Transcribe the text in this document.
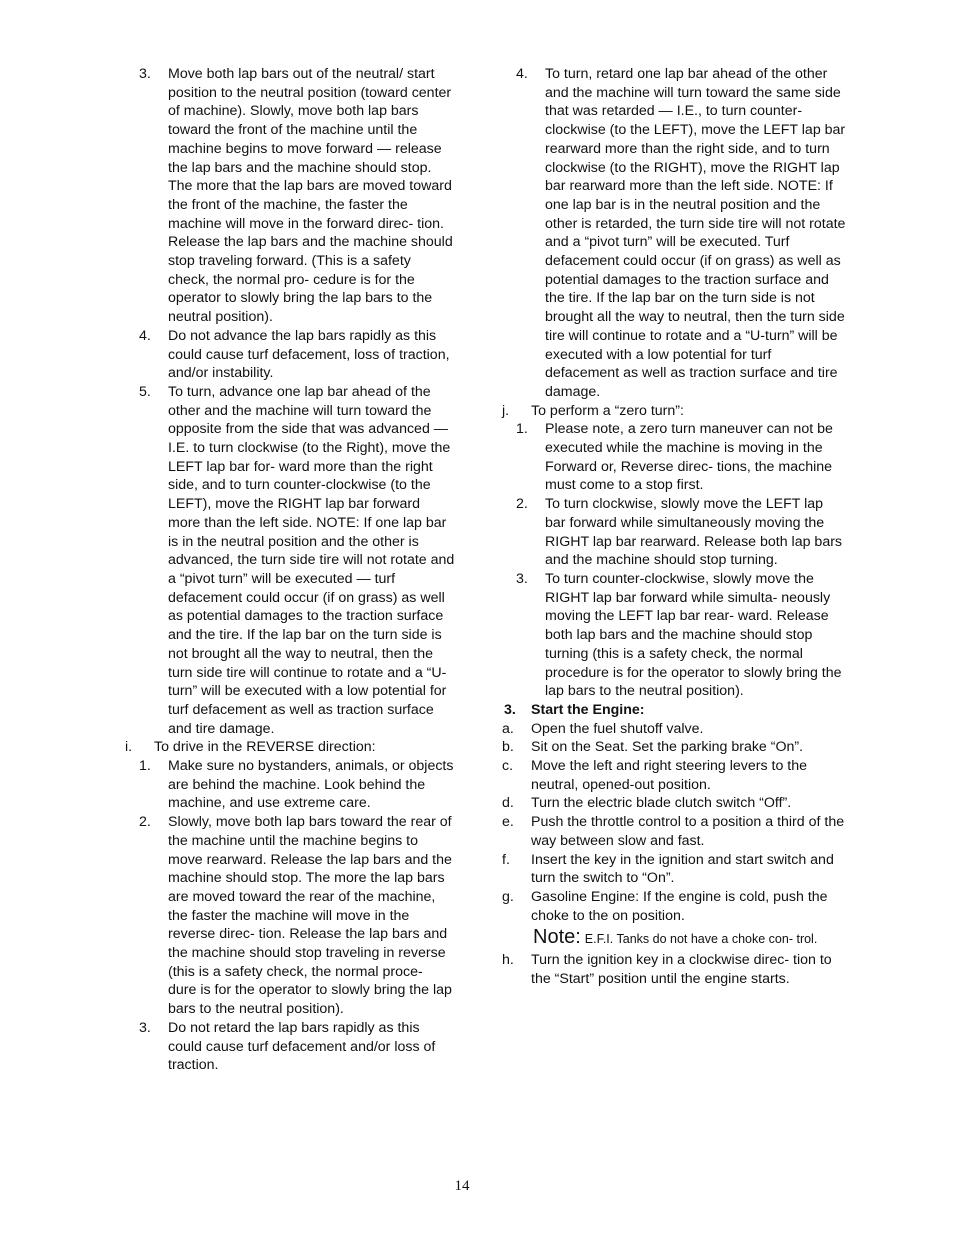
3. Move both lap bars out of the neutral/ start position to the neutral position (toward center of machine). Slowly, move both lap bars toward the front of the machine until the machine begins to move forward — release the lap bars and the machine should stop. The more that the lap bars are moved toward the front of the machine, the faster the machine will move in the forward direc- tion. Release the lap bars and the machine should stop traveling forward. (This is a safety check, the normal pro- cedure is for the operator to slowly bring the lap bars to the neutral position).
4. Do not advance the lap bars rapidly as this could cause turf defacement, loss of traction, and/or instability.
5. To turn, advance one lap bar ahead of the other and the machine will turn toward the opposite from the side that was advanced — I.E. to turn clockwise (to the Right), move the LEFT lap bar for- ward more than the right side, and to turn counter-clockwise (to the LEFT), move the RIGHT lap bar forward more than the left side. NOTE: If one lap bar is in the neutral position and the other is advanced, the turn side tire will not rotate and a “pivot turn” will be executed — turf defacement could occur (if on grass) as well as potential damages to the traction surface and the tire. If the lap bar on the turn side is not brought all the way to neutral, then the turn side tire will continue to rotate and a “U-turn” will be executed with a low potential for turf defacement as well as traction surface and tire damage.
i. To drive in the REVERSE direction:
1. Make sure no bystanders, animals, or objects are behind the machine. Look behind the machine, and use extreme care.
2. Slowly, move both lap bars toward the rear of the machine until the machine begins to move rearward. Release the lap bars and the machine should stop. The more the lap bars are moved toward the rear of the machine, the faster the machine will move in the reverse direc- tion. Release the lap bars and the machine should stop traveling in reverse (this is a safety check, the normal proce- dure is for the operator to slowly bring the lap bars to the neutral position).
3. Do not retard the lap bars rapidly as this could cause turf defacement and/or loss of traction.
4. To turn, retard one lap bar ahead of the other and the machine will turn toward the same side that was retarded — I.E., to turn counter-clockwise (to the LEFT), move the LEFT lap bar rearward more than the right side, and to turn clockwise (to the RIGHT), move the RIGHT lap bar rearward more than the left side. NOTE: If one lap bar is in the neutral position and the other is retarded, the turn side tire will not rotate and a “pivot turn” will be executed. Turf defacement could occur (if on grass) as well as potential damages to the traction surface and the tire. If the lap bar on the turn side is not brought all the way to neutral, then the turn side tire will continue to rotate and a “U-turn” will be executed with a low potential for turf defacement as well as traction surface and tire damage.
j. To perform a “zero turn”:
1. Please note, a zero turn maneuver can not be executed while the machine is moving in the Forward or, Reverse direc- tions, the machine must come to a stop first.
2. To turn clockwise, slowly move the LEFT lap bar forward while simultaneously moving the RIGHT lap bar rearward. Release both lap bars and the machine should stop turning.
3. To turn counter-clockwise, slowly move the RIGHT lap bar forward while simulta- neously moving the LEFT lap bar rear- ward. Release both lap bars and the machine should stop turning (this is a safety check, the normal procedure is for the operator to slowly bring the lap bars to the neutral position).
3. Start the Engine:
a. Open the fuel shutoff valve.
b. Sit on the Seat. Set the parking brake “On”.
c. Move the left and right steering levers to the neutral, opened-out position.
d. Turn the electric blade clutch switch “Off”.
e. Push the throttle control to a position a third of the way between slow and fast.
f. Insert the key in the ignition and start switch and turn the switch to “On”.
g. Gasoline Engine: If the engine is cold, push the choke to the on position.
Note: E.F.I. Tanks do not have a choke con- trol.
h. Turn the ignition key in a clockwise direc- tion to the “Start” position until the engine starts.
14
